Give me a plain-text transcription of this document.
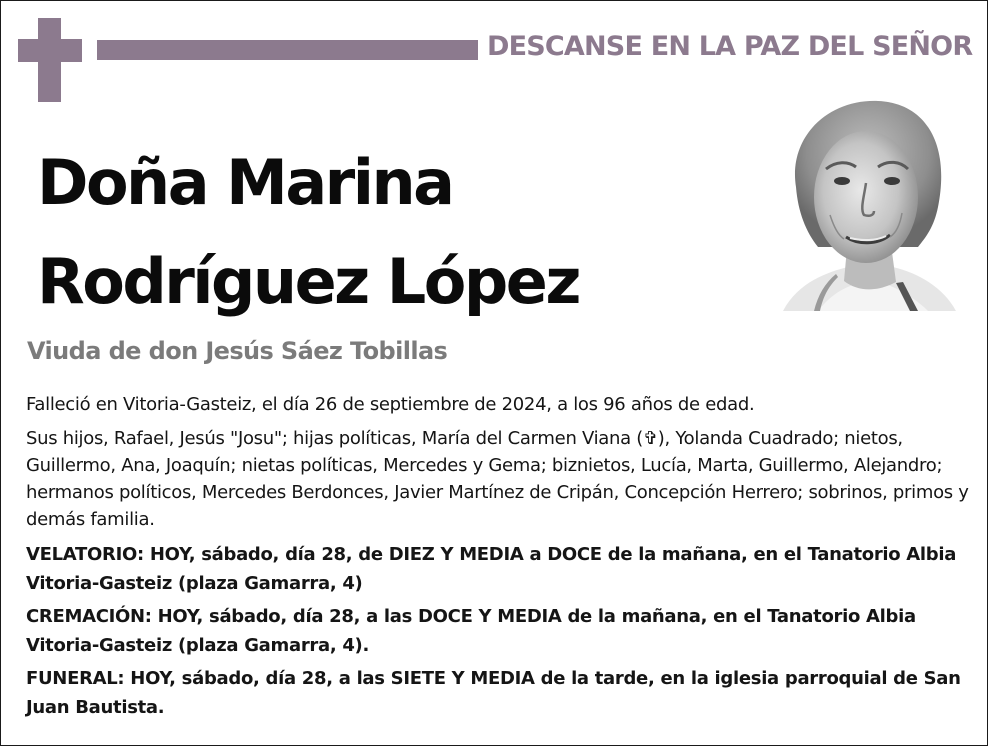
DESCANSE EN LA PAZ DEL SEÑOR
Doña Marina
Rodríguez López
Viuda de don Jesús Sáez Tobillas

Falleció en Vitoria-Gasteiz, el día 26 de septiembre de 2024, a los 96 años de edad.

Sus hijos, Rafael, Jesús "Josu"; hijas políticas, María del Carmen Viana (✞), Yolanda Cuadrado; nietos, Guillermo, Ana, Joaquín; nietas políticas, Mercedes y Gema; biznietos, Lucía, Marta, Guillermo, Alejandro; hermanos políticos, Mercedes Berdonces, Javier Martínez de Cripán, Concepción Herrero; sobrinos, primos y demás familia.

VELATORIO: HOY, sábado, día 28, de DIEZ Y MEDIA a DOCE de la mañana, en el Tanatorio Albia Vitoria-Gasteiz (plaza Gamarra, 4)

CREMACIÓN: HOY, sábado, día 28, a las DOCE Y MEDIA de la mañana, en el Tanatorio Albia Vitoria-Gasteiz (plaza Gamarra, 4).

FUNERAL: HOY, sábado, día 28, a las SIETE Y MEDIA de la tarde, en la iglesia parroquial de San Juan Bautista.
